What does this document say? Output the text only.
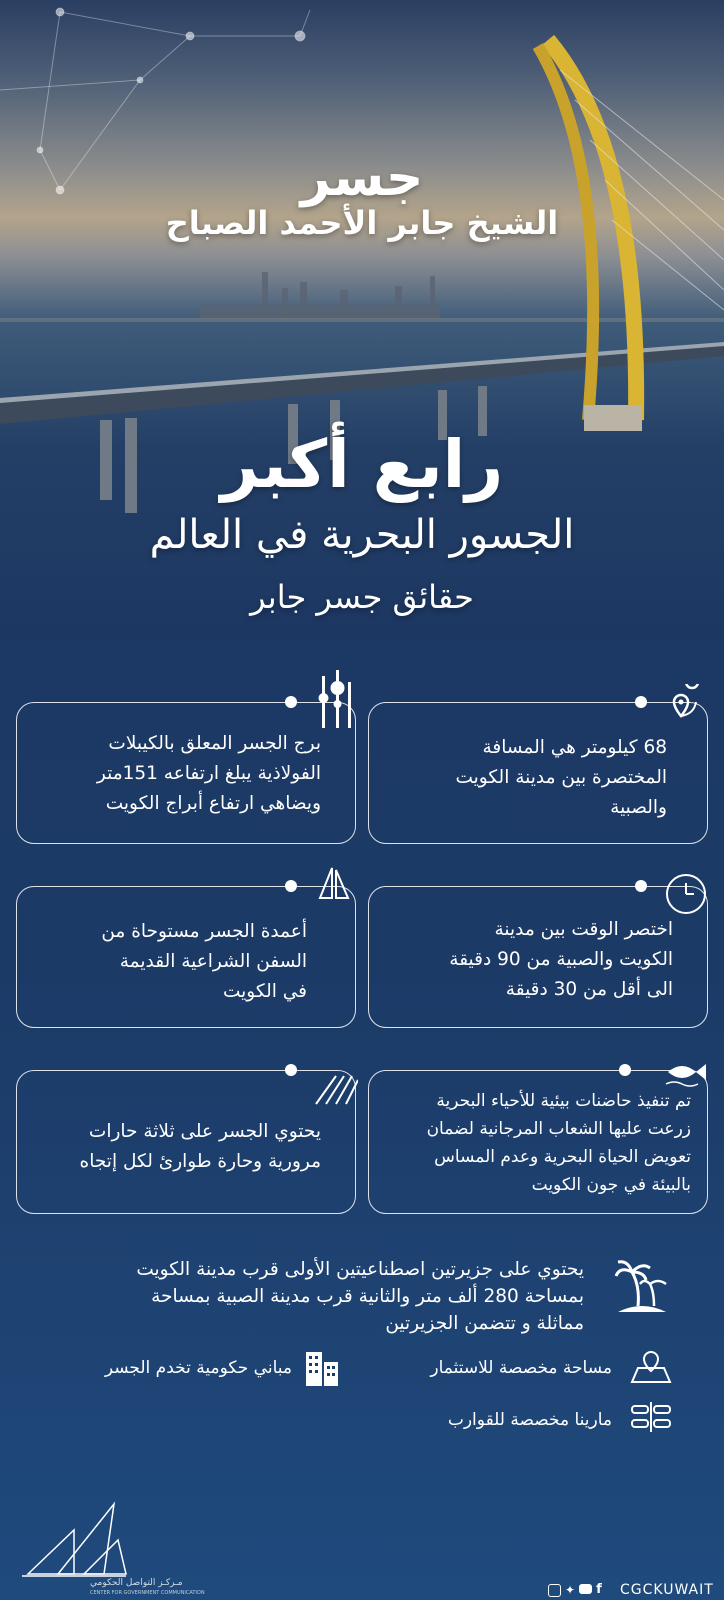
جسر
الشيخ جابر الأحمد الصباح
رابع أكبر
الجسور البحرية في العالم
حقائق جسر جابر
68 كيلومتر هي المسافة
المختصرة بين مدينة الكويت
والصبية
برج الجسر المعلق بالكيبلات
الفولاذية يبلغ ارتفاعه 151متر
ويضاهي ارتفاع أبراج الكويت
اختصر الوقت بين مدينة
الكويت والصبية من 90 دقيقة
الى أقل من 30 دقيقة
أعمدة الجسر مستوحاة من
السفن الشراعية القديمة
في الكويت
تم تنفيذ حاضنات بيئية للأحياء البحرية
زرعت عليها الشعاب المرجانية لضمان
تعويض الحياة البحرية وعدم المساس
بالبيئة في جون الكويت
يحتوي الجسر على ثلاثة حارات
مرورية وحارة طوارئ لكل إتجاه
يحتوي على جزيرتين اصطناعيتين الأولى قرب مدينة الكويت
بمساحة 280 ألف متر والثانية قرب مدينة الصبية بمساحة
مماثلة و تتضمن الجزيرتين
مساحة مخصصة للاستثمار
مباني حكومية تخدم الجسر
مارينا مخصصة للقوارب
مـركـز التواصل الحكومي
CENTER FOR GOVERNMENT COMMUNICATION	✦ f CGCKUWAIT
